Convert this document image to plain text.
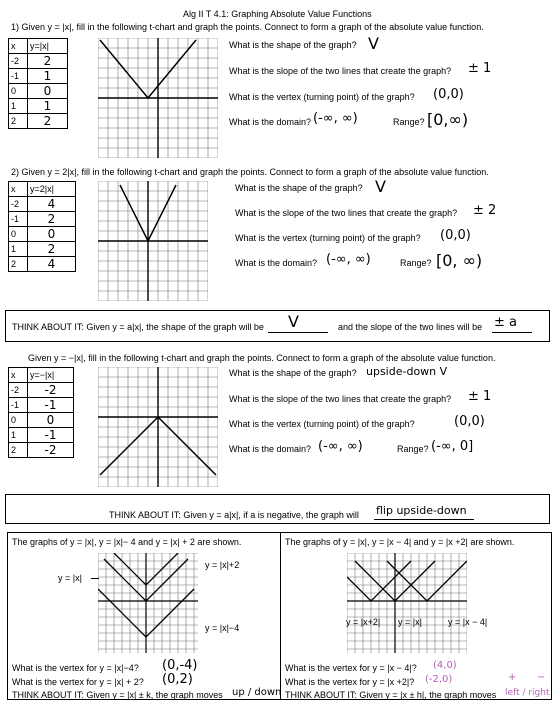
Alg II T 4.1: Graphing Absolute Value Functions
1) Given y = |x|, fill in the following t-chart and graph the points. Connect to form a graph of the absolute value function.
x	y=|x|
-2	2
-1	1
0	0
1	1
2	2
What is the shape of the graph? V
What is the slope of the two lines that create the graph? ± 1
What is the vertex (turning point) of the graph? (0,0)
What is the domain? (-∞, ∞)	Range? [0,∞)
2) Given y = 2|x|, fill in the following t-chart and graph the points. Connect to form a graph of the absolute value function.
x	y=2|x|
-2	4
-1	2
0	0
1	2
2	4
What is the shape of the graph? V
What is the slope of the two lines that create the graph? ± 2
What is the vertex (turning point) of the graph? (0,0)
What is the domain? (-∞, ∞)	Range? [0, ∞)
THINK ABOUT IT: Given y = a|x|, the shape of the graph will be V	and the slope of the two lines will be ± a
Given y = −|x|, fill in the following t-chart and graph the points. Connect to form a graph of the absolute value function.
x	y=−|x|
-2	-2
-1	-1
0	0
1	-1
2	-2
What is the shape of the graph? upside-down V
What is the slope of the two lines that create the graph? ± 1
What is the vertex (turning point) of the graph?	(0,0)
What is the domain? (-∞, ∞)	Range? (-∞, 0]
THINK ABOUT IT: Given y = a|x|, if a is negative, the graph will flip upside-down
The graphs of y = |x|, y = |x|− 4 and y = |x| + 2 are shown.
y = |x|
y = |x|+2
y = |x|−4
What is the vertex for y = |x|−4? (0,-4)
What is the vertex for y = |x| + 2? (0,2)
THINK ABOUT IT: Given y = |x| ± k, the graph moves up / down
The graphs of y = |x|, y = |x − 4| and y = |x +2| are shown.
y = |x+2| y = |x|	y = |x − 4|
What is the vertex for y = |x − 4|? (4,0)
What is the vertex for y = |x +2|? (-2,0)
THINK ABOUT IT: Given y = |x ± h|, the graph moves
+ −
left / right
